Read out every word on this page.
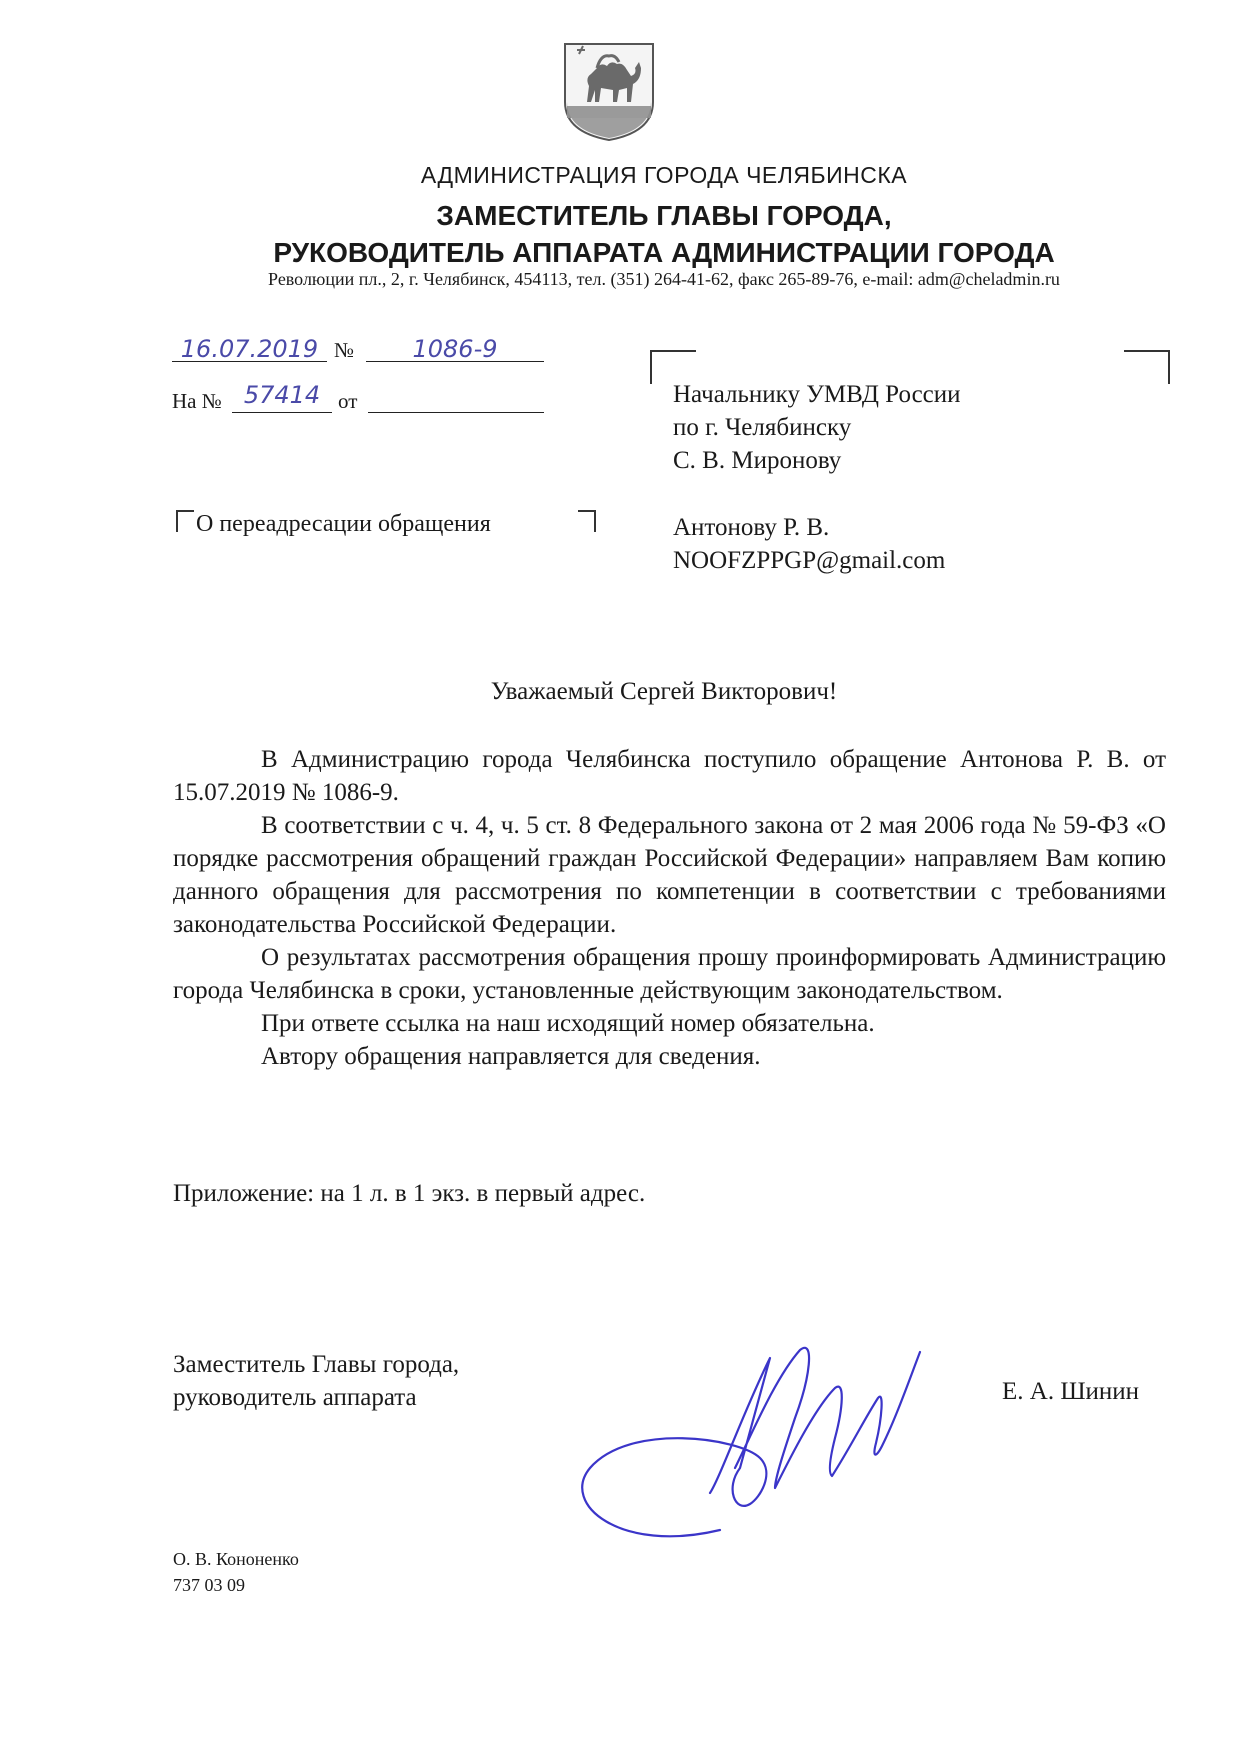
АДМИНИСТРАЦИЯ ГОРОДА ЧЕЛЯБИНСКА
ЗАМЕСТИТЕЛЬ ГЛАВЫ ГОРОДА,
РУКОВОДИТЕЛЬ АППАРАТА АДМИНИСТРАЦИИ ГОРОДА
Революции пл., 2, г. Челябинск, 454113, тел. (351) 264-41-62, факс 265-89-76, e-mail: adm@cheladmin.ru
16.07.2019 №	1086-9
На № 57414 от
О переадресации обращения
Начальнику УМВД России
по г. Челябинску
С. В. Миронову
Антонову Р. В.
NOOFZPPGP@gmail.com
Уважаемый Сергей Викторович!

В Администрацию города Челябинска поступило обращение Антонова Р. В. от 15.07.2019 № 1086-9.

В соответствии с ч. 4, ч. 5 ст. 8 Федерального закона от 2 мая 2006 года № 59-ФЗ «О порядке рассмотрения обращений граждан Российской Федерации» направляем Вам копию данного обращения для рассмотрения по компетенции в соответствии с требованиями законодательства Российской Федерации.

О результатах рассмотрения обращения прошу проинформировать Администрацию города Челябинска в сроки, установленные действующим законодательством.

При ответе ссылка на наш исходящий номер обязательна.

Автору обращения направляется для сведения.

Приложение: на 1 л. в 1 экз. в первый адрес.
Заместитель Главы города,
руководитель аппарата	Е. А. Шинин
О. В. Кононенко
737 03 09
